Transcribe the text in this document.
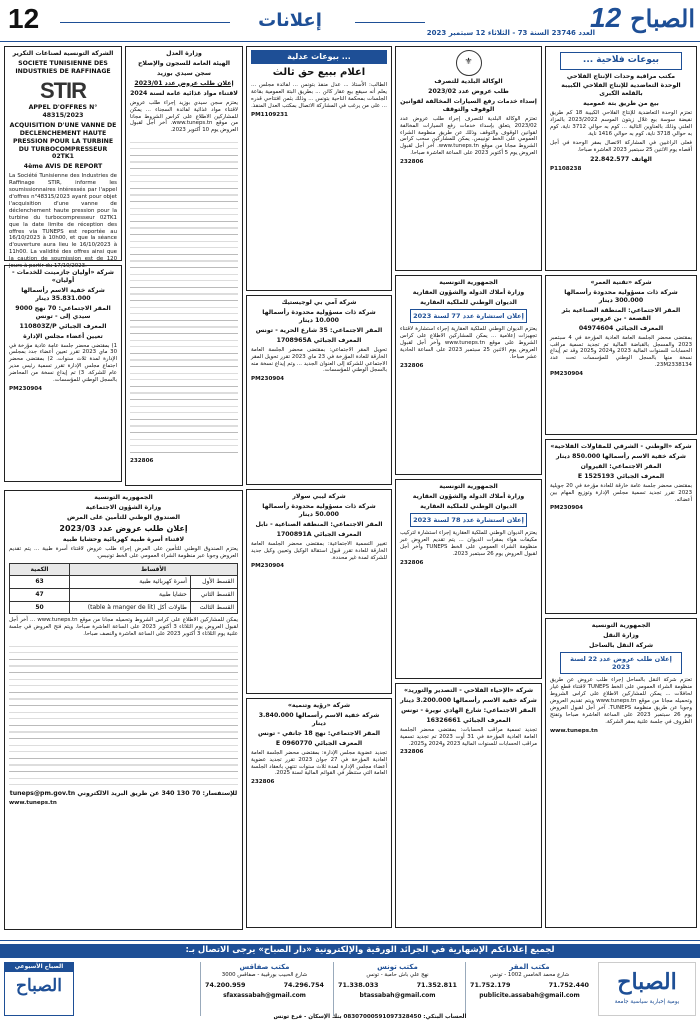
12	إعلانات
العدد 23746 السنة 73 - الثلاثاء 12 سبتمبر 2023 الصباح
12
بيوعات فلاحية ...
مكتب مراقبة وحدات الإنتاج الفلاحي
الوحدة التعاضدية للإنتاج الفلاحي الكبيبة بالقلعة الكبرى
بيع من طريق بتة عمومية
تعتزم الوحدة التعاضدية للإنتاج الفلاحي الكبيبة 18 كم طريق نفيضة سوسة بيع غلال زيتون الموسم 2023/2022 بالمزاد العلني وذلك بالعناوين التالية ... كوم به حوالي 3712 ناية، كوم به حوالي 3718 ناية، كوم به حوالي 1416 ناية.
فعلى الراغبين في المشاركة الاتصال بمقر الوحدة في أجل أقصاه يوم الاثنين 25 سبتمبر 2023 العاشرة صباحا.
الهاتف 22.842.577
P1108238
شركة «تقنية العمر»
شركة ذات مسؤولية محدودة رأسمالها 300.000 دينار
المقر الاجتماعي: المنطقة الصناعية بئر القصعة - بن عروس
المعرف الجبائي 04974604
بمقتضى محضر الجلسة العامة العادية المؤرخة في 4 سبتمبر 2023 والمسجل بالقباضة المالية تم تجديد تسمية مراقب الحسابات للسنوات المالية 2023 و2024 و2025 وقد تم إيداع نسخة منها بالسجل الوطني للمؤسسات تحت عدد 23M2338134.
PM230904
شركة «الوطني - الشرقي للمقاولات الفلاحية»
شركة خفية الاسم رأسمالها 850.000 دينار
المقر الاجتماعي: القيروان
المعرف الجبائي E 1525193
بمقتضى محضر جلسة عامة خارقة للعادة مؤرخة في 20 جويلية 2023 تقرر تجديد تسمية مجلس الإدارة وتوزيع المهام بين أعضائه.
PM230904
الجمهورية التونسية
وزارة النقل
شركة النقل بالساحل
إعلان طلب عروض عدد 22 لسنة 2023
تعتزم شركة النقل بالساحل إجراء طلب عروض عن طريق منظومة الشراء العمومي على الخط TUNEPS لاقتناء قطع غيار لحافلات ... يمكن للمشاركين الاطلاع على كراس الشروط وتحميله مجانا من موقع www.tuneps.tn ويتم تقديم العروض وجوبا عن طريق منظومة TUNEPS. آخر أجل لقبول العروض يوم 26 سبتمبر 2023 على الساعة العاشرة صباحا وتفتح الظروف في جلسة علنية بمقر الشركة.
www.tuneps.tn
⚜
الوكالة البلدية للتصرف
طلب عروض عدد 2023/02
إسداء خدمات رفع السيارات المخالفة لقوانين الوقوف والتوقف
تعتزم الوكالة البلدية للتصرف إجراء طلب عروض عدد 2023/02 يتعلق بإسداء خدمات رفع السيارات المخالفة لقوانين الوقوف والتوقف وذلك عن طريق منظومة الشراء العمومي على الخط تونيبس. يمكن للمشاركين سحب كراس الشروط مجانا من موقع www.tuneps.tn. آخر أجل لقبول العروض يوم 5 أكتوبر 2023 على الساعة العاشرة صباحا.
232806
الجمهورية التونسية
وزارة أملاك الدولة والشؤون العقارية
الديوان الوطني للملكية العقارية
إعلان استشارة عدد 77 لسنة 2023
يعتزم الديوان الوطني للملكية العقارية إجراء استشارة لاقتناء تجهيزات إعلامية ... يمكن للمشاركين الاطلاع على كراس الشروط على موقع www.tuneps.tn وآخر أجل لقبول العروض يوم الاثنين 25 سبتمبر 2023 على الساعة الحادية عشر صباحا.
232806
الجمهورية التونسية
وزارة أملاك الدولة والشؤون العقارية
الديوان الوطني للملكية العقارية
إعلان استشارة عدد 78 لسنة 2023
يعتزم الديوان الوطني للملكية العقارية إجراء استشارة لتركيب مكيفات هواء بمقرات الديوان ... يتم تقديم العروض عبر منظومة الشراء العمومي على الخط TUNEPS وآخر أجل لقبول العروض يوم 26 سبتمبر 2023.
232806
شركة «الإحياء الفلاحي - التصدير والتوريد»
شركة خفية الاسم رأسمالها 3.200.000 دينار
المقر الاجتماعي: شارع الهادي نويرة - تونس
المعرف الجبائي 16326661
تجديد تسمية مراقب الحسابات: بمقتضى محضر الجلسة العامة العادية المؤرخة في 31 أوت 2023 تم تجديد تسمية مراقب الحسابات للسنوات المالية 2023 و2024 و2025.
232806
... بيوعات عدلية
اعلام ببيع حق ثالث
الطالب: الأستاذ ... عدل منفذ بتونس ... لفائدة مجلس ... يعلم أنه سيقع بيع عقار كائن ... بطريق البتة العمومية بقاعة الجلسات بمحكمة الناحية بتونس ... وذلك بثمن افتتاحي قدره ... على من يرغب في المشاركة الاتصال بمكتب العدل المنفذ.
PM1109231
شركة آمي بي لوجيستيك
شركة ذات مسؤولية محدودة رأسمالها 10.000 دينار
المقر الاجتماعي: 35 شارع الحرية - تونس
المعرف الجبائي 1708965A
تحويل المقر الاجتماعي: بمقتضى محضر الجلسة العامة الخارقة للعادة المؤرخة في 23 ماي 2023 تقرر تحويل المقر الاجتماعي للشركة إلى العنوان الجديد ... وتم إيداع نسخة منه بالسجل الوطني للمؤسسات.
PM230904
شركة ليبي سولار
شركة ذات مسؤولية محدودة رأسمالها 50.000 دينار
المقر الاجتماعي: المنطقة الصناعية - نابل
المعرف الجبائي 1700891A
تغيير التسمية الاجتماعية: بمقتضى محضر الجلسة العامة الخارقة للعادة تقرر قبول استقالة الوكيل وتعيين وكيل جديد للشركة لمدة غير محددة.
PM230904
شركة «رؤية وتنمية»
شركة خفية الاسم رأسمالها 3.840.000 دينار
المقر الاجتماعي: نهج 18 جانفي - تونس
المعرف الجبائي E 0960770
تجديد عضوية مجلس الإدارة: بمقتضى محضر الجلسة العامة العادية المؤرخة في 27 جوان 2023 تقرر تجديد عضوية أعضاء مجلس الإدارة لمدة ثلاث سنوات تنتهي بانعقاد الجلسة العامة التي ستنظر في القوائم المالية لسنة 2025.
232806
وزارة العدل
الهيئة العامة للسجون والإصلاح
سجن سيدي بوزيد
إعلان طلب عروض عدد 2023/01
لاقتناء مواد غذائية عامة لسنة 2024
يعتزم سجن سيدي بوزيد إجراء طلب عروض لاقتناء مواد غذائية لفائدة السجناء ... يمكن للمشاركين الاطلاع على كراس الشروط مجانا من موقع www.tuneps.tn. آخر أجل لقبول العروض يوم 10 أكتوبر 2023.
232806
الشركة التونسية لصناعات التكرير
SOCIETE TUNISIENNE DES INDUSTRIES DE RAFFINAGE
STIR
APPEL D'OFFRES N° 48315/2023
ACQUISITION D'UNE VANNE DE DECLENCHEMENT HAUTE PRESSION POUR LA TURBINE DU TURBOCOMPRESSEUR 02TK1
4ème AVIS DE REPORT
La Société Tunisienne des Industries de Raffinage STIR, informe les soumissionnaires intéressés par l'appel d'offres n°48315/2023 ayant pour objet l'acquisition d'une vanne de déclenchement haute pression pour la turbine du turbocompresseur 02TK1 que la date limite de réception des offres via TUNEPS est reportée au 16/10/2023 à 10h00, et que la séance d'ouverture aura lieu le 16/10/2023 à 11h00. La validité des offres ainsi que la caution de soumission est de 120 jours à partir du 17/10/2023.
شركة «أوليان جازمينت للخدمات - أوليان»
شركة خفية الاسم رأسمالها 35.831.000 دينار
المقر الاجتماعي: 70 نهج 9000 سيدي إلى - تونس
المعرف الجبائي 110803Z/P
تعيين أعضاء مجلس الإدارة
1) بمقتضى محضر جلسة عامة عادية مؤرخة في 30 ماي 2023 تقرر تعيين أعضاء جدد بمجلس الإدارة لمدة ثلاث سنوات. 2) بمقتضى محضر اجتماع مجلس الإدارة تقرر تسمية رئيس مدير عام للشركة. 3) تم إيداع نسخة من المحاضر بالسجل الوطني للمؤسسات.
PM230904
الجمهورية التونسية
وزارة الشؤون الاجتماعية
الصندوق الوطني للتأمين على المرض
إعلان طلب عروض عدد 2023/03
لاقتناء أسرة طبية كهربائية وحشايا طبية
يعتزم الصندوق الوطني للتأمين على المرض إجراء طلب عروض لاقتناء أسرة طبية ... يتم تقديم العروض وجوبا عبر منظومة الشراء العمومي على الخط تونيبس.
الأقساط		الكمية
القسط الأول	أسرة كهربائية طبية	63
القسط الثاني	حشايا طبية	47
القسط الثالث	طاولات أكل (table à manger de lit)	50
يمكن للمشاركين الاطلاع على كراس الشروط وتحميله مجانا من موقع www.tuneps.tn ... آخر أجل لقبول العروض يوم الثلاثاء 3 أكتوبر 2023 على الساعة العاشرة صباحا. ويتم فتح العروض في جلسة علنية يوم الثلاثاء 3 أكتوبر 2023 على الساعة العاشرة والنصف صباحا.
للإستفسار: 70 130 340 عن طريق البريد الالكتروني tuneps@pm.gov.tn
www.tuneps.tn
لجميع إعلاناتكم الإشهارية في الجرائد الورقية والإلكترونية «دار الصباح» يرجى الاتصال بـ:
الصباح
يومية إخبارية سياسية جامعة
مكتب المقر
شارع محمد الخامس 1002 - تونس
71.752.179	71.752.440
publicite.assabah@gmail.com
مكتب تونس
نهج علي باش حامبة - تونس
71.338.033	71.352.811
btassabah@gmail.com
مكتب صفاقس
شارع الحبيب بورقيبة - صفاقس 3000
74.200.959	74.296.754
sfaxassabah@gmail.com
الصباح الأسبوعي
الصباح
الحساب البنكي: 08307000591097328450 بنك الإسكان - فرع تونس
